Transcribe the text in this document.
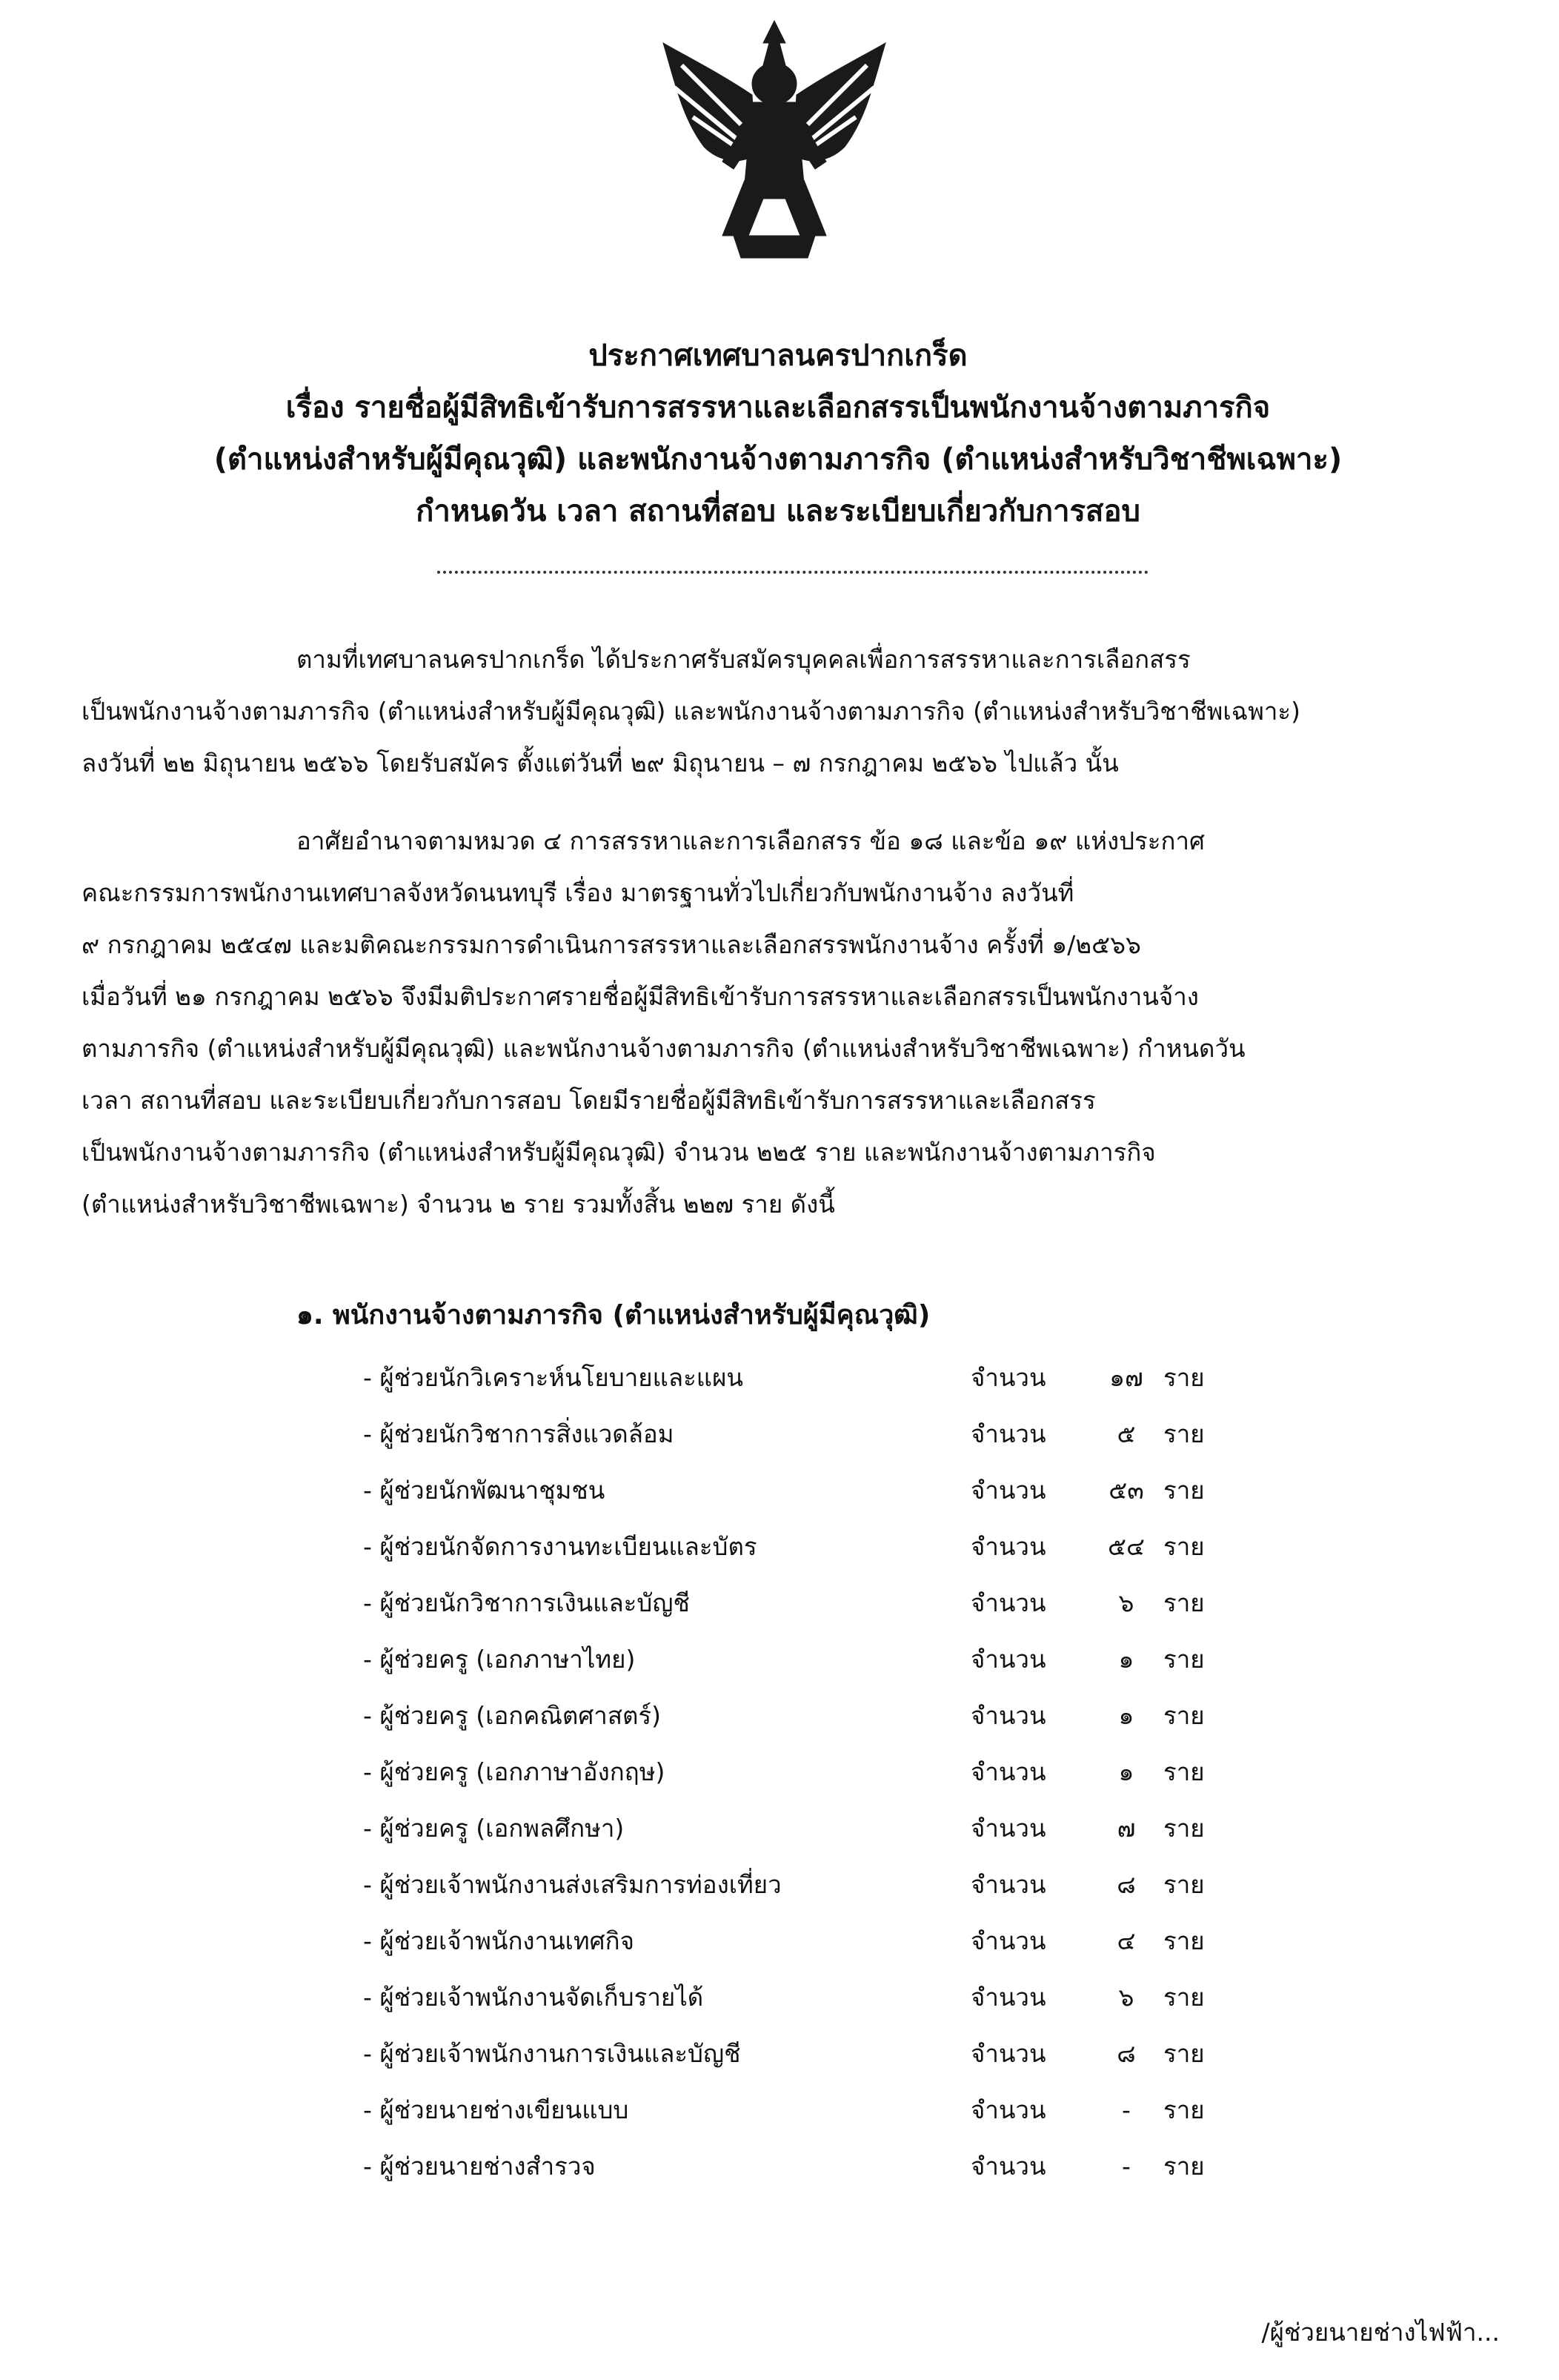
ประกาศเทศบาลนครปากเกร็ด
เรื่อง รายชื่อผู้มีสิทธิเข้ารับการสรรหาและเลือกสรรเป็นพนักงานจ้างตามภารกิจ
(ตำแหน่งสำหรับผู้มีคุณวุฒิ) และพนักงานจ้างตามภารกิจ (ตำแหน่งสำหรับวิชาชีพเฉพาะ)
กำหนดวัน เวลา สถานที่สอบ และระเบียบเกี่ยวกับการสอบ
ตามที่เทศบาลนครปากเกร็ด ได้ประกาศรับสมัครบุคคลเพื่อการสรรหาและการเลือกสรร
เป็นพนักงานจ้างตามภารกิจ (ตำแหน่งสำหรับผู้มีคุณวุฒิ) และพนักงานจ้างตามภารกิจ (ตำแหน่งสำหรับวิชาชีพเฉพาะ)
ลงวันที่ ๒๒ มิถุนายน ๒๕๖๖ โดยรับสมัคร ตั้งแต่วันที่ ๒๙ มิถุนายน – ๗ กรกฎาคม ๒๕๖๖ ไปแล้ว นั้น
อาศัยอำนาจตามหมวด ๔ การสรรหาและการเลือกสรร ข้อ ๑๘ และข้อ ๑๙ แห่งประกาศ
คณะกรรมการพนักงานเทศบาลจังหวัดนนทบุรี เรื่อง มาตรฐานทั่วไปเกี่ยวกับพนักงานจ้าง ลงวันที่
๙ กรกฎาคม ๒๕๔๗ และมติคณะกรรมการดำเนินการสรรหาและเลือกสรรพนักงานจ้าง ครั้งที่ ๑/๒๕๖๖
เมื่อวันที่ ๒๑ กรกฎาคม ๒๕๖๖ จึงมีมติประกาศรายชื่อผู้มีสิทธิเข้ารับการสรรหาและเลือกสรรเป็นพนักงานจ้าง
ตามภารกิจ (ตำแหน่งสำหรับผู้มีคุณวุฒิ) และพนักงานจ้างตามภารกิจ (ตำแหน่งสำหรับวิชาชีพเฉพาะ) กำหนดวัน
เวลา สถานที่สอบ และระเบียบเกี่ยวกับการสอบ โดยมีรายชื่อผู้มีสิทธิเข้ารับการสรรหาและเลือกสรร
เป็นพนักงานจ้างตามภารกิจ (ตำแหน่งสำหรับผู้มีคุณวุฒิ) จำนวน ๒๒๕ ราย และพนักงานจ้างตามภารกิจ
(ตำแหน่งสำหรับวิชาชีพเฉพาะ) จำนวน ๒ ราย รวมทั้งสิ้น ๒๒๗ ราย ดังนี้
๑. พนักงานจ้างตามภารกิจ (ตำแหน่งสำหรับผู้มีคุณวุฒิ)
- ผู้ช่วยนักวิเคราะห์นโยบายและแผน	จำนวน	๑๗ ราย
- ผู้ช่วยนักวิชาการสิ่งแวดล้อม	จำนวน	๕	ราย
- ผู้ช่วยนักพัฒนาชุมชน	จำนวน	๕๓ ราย
- ผู้ช่วยนักจัดการงานทะเบียนและบัตร	จำนวน	๕๔ ราย
- ผู้ช่วยนักวิชาการเงินและบัญชี	จำนวน	๖	ราย
- ผู้ช่วยครู (เอกภาษาไทย)	จำนวน	๑	ราย
- ผู้ช่วยครู (เอกคณิตศาสตร์)	จำนวน	๑	ราย
- ผู้ช่วยครู (เอกภาษาอังกฤษ)	จำนวน	๑	ราย
- ผู้ช่วยครู (เอกพลศึกษา)	จำนวน	๗	ราย
- ผู้ช่วยเจ้าพนักงานส่งเสริมการท่องเที่ยว	จำนวน	๘	ราย
- ผู้ช่วยเจ้าพนักงานเทศกิจ	จำนวน	๔	ราย
- ผู้ช่วยเจ้าพนักงานจัดเก็บรายได้	จำนวน	๖	ราย
- ผู้ช่วยเจ้าพนักงานการเงินและบัญชี	จำนวน	๘	ราย
- ผู้ช่วยนายช่างเขียนแบบ	จำนวน	-	ราย
- ผู้ช่วยนายช่างสำรวจ	จำนวน	-	ราย
/ผู้ช่วยนายช่างไฟฟ้า...
